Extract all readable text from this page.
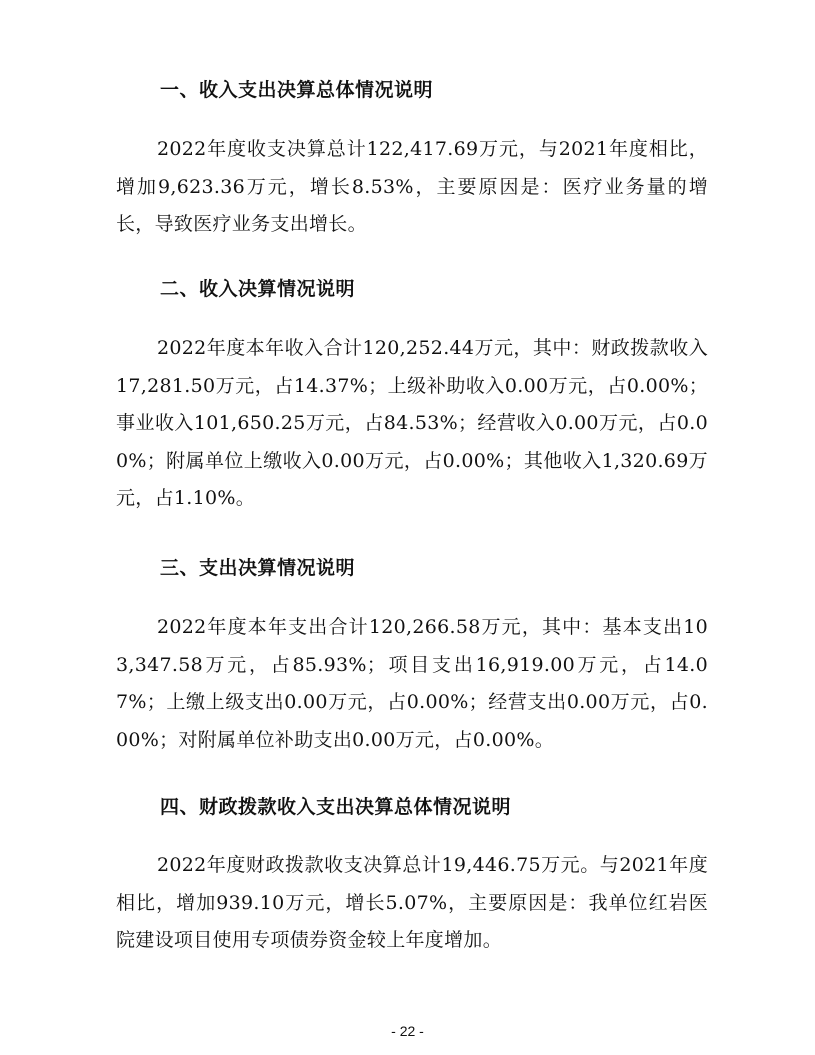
一、收入支出决算总体情况说明
2022年度收支决算总计122,417.69万元，与2021年度相比，增加9,623.36万元，增长8.53%，主要原因是：医疗业务量的增长，导致医疗业务支出增长。
二、收入决算情况说明
2022年度本年收入合计120,252.44万元，其中：财政拨款收入17,281.50万元，占14.37%；上级补助收入0.00万元，占0.00%；事业收入101,650.25万元，占84.53%；经营收入0.00万元，占0.00%；附属单位上缴收入0.00万元，占0.00%；其他收入1,320.69万元，占1.10%。
三、支出决算情况说明
2022年度本年支出合计120,266.58万元，其中：基本支出103,347.58万元，占85.93%；项目支出16,919.00万元，占14.07%；上缴上级支出0.00万元，占0.00%；经营支出0.00万元，占0.00%；对附属单位补助支出0.00万元，占0.00%。
四、财政拨款收入支出决算总体情况说明
2022年度财政拨款收支决算总计19,446.75万元。与2021年度相比，增加939.10万元，增长5.07%，主要原因是：我单位红岩医院建设项目使用专项债券资金较上年度增加。
- 22 -
